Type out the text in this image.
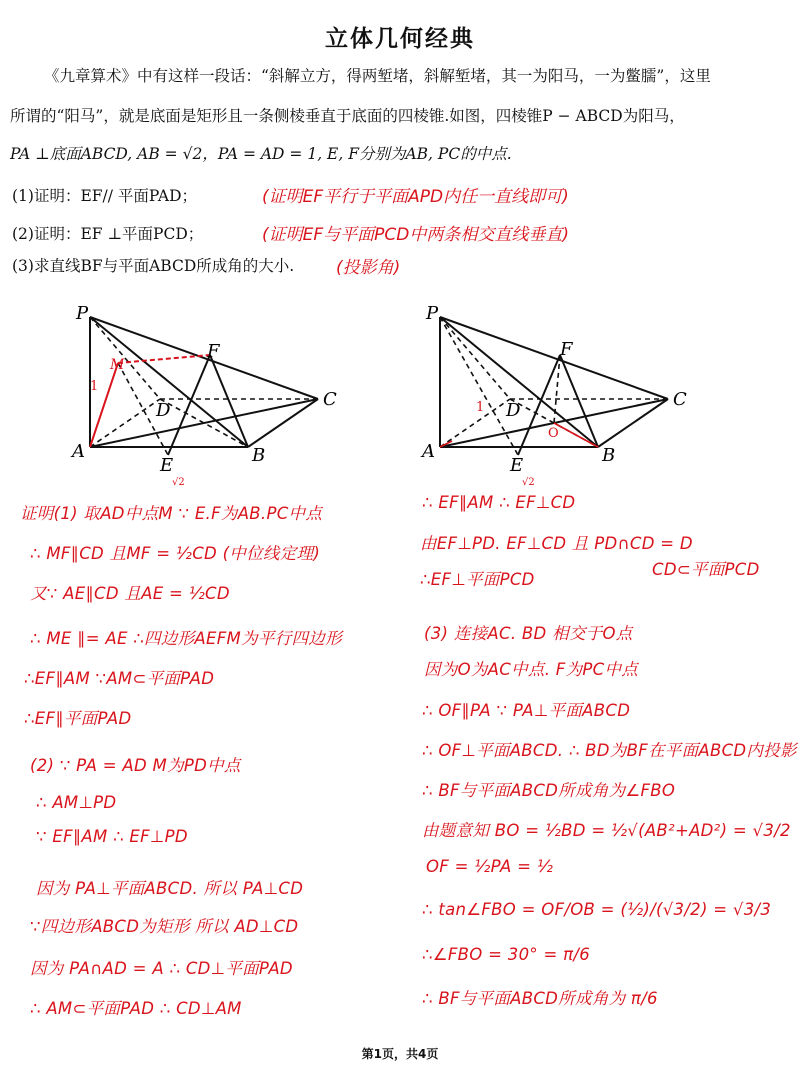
立体几何经典
《九章算术》中有这样一段话：“斜解立方，得两堑堵，斜解堑堵，其一为阳马，一为鳖臑”，这里
所谓的“阳马”，就是底面是矩形且一条侧棱垂直于底面的四棱锥.如图，四棱锥P − ABCD为阳马，
PA ⊥底面ABCD, AB = √2，PA = AD = 1, E, F分别为AB, PC的中点.
(1)证明：EF// 平面PAD；	(证明EF平行于平面APD内任一直线即可)
(2)证明：EF ⊥平面PCD；	(证明EF与平面PCD中两条相交直线垂直)
(3)求直线BF与平面ABCD所成角的大小. (投影角)
P
A	B
C
D
E
F
M
1
√2
P
A	B
C
D
E
F
O
1
√2
证明(1) 取AD中点M ∵ E.F为AB.PC中点
∴ MF∥CD 且MF = ½CD (中位线定理)
又∵ AE∥CD 且AE = ½CD
∴ ME ∥= AE ∴四边形AEFM为平行四边形
∴EF∥AM ∵AM⊂平面PAD
∴EF∥平面PAD
(2) ∵ PA = AD M为PD中点
∴ AM⊥PD
∵ EF∥AM ∴ EF⊥PD
因为 PA⊥平面ABCD. 所以 PA⊥CD
∵四边形ABCD为矩形 所以 AD⊥CD
因为 PA∩AD = A ∴ CD⊥平面PAD
∴ AM⊂平面PAD ∴ CD⊥AM
∴ EF∥AM ∴ EF⊥CD
由EF⊥PD. EF⊥CD 且 PD∩CD = D
∴EF⊥平面PCD
CD⊂平面PCD
(3) 连接AC. BD 相交于O点
因为O为AC中点. F为PC中点
∴ OF∥PA ∵ PA⊥平面ABCD
∴ OF⊥平面ABCD. ∴ BD为BF在平面ABCD内投影
∴ BF与平面ABCD所成角为∠FBO
由题意知 BO = ½BD = ½√(AB²+AD²) = √3/2
OF = ½PA = ½
∴ tan∠FBO = OF/OB = (½)/(√3/2) = √3/3
∴∠FBO = 30° = π/6
∴ BF与平面ABCD所成角为 π/6
第1页，共4页
